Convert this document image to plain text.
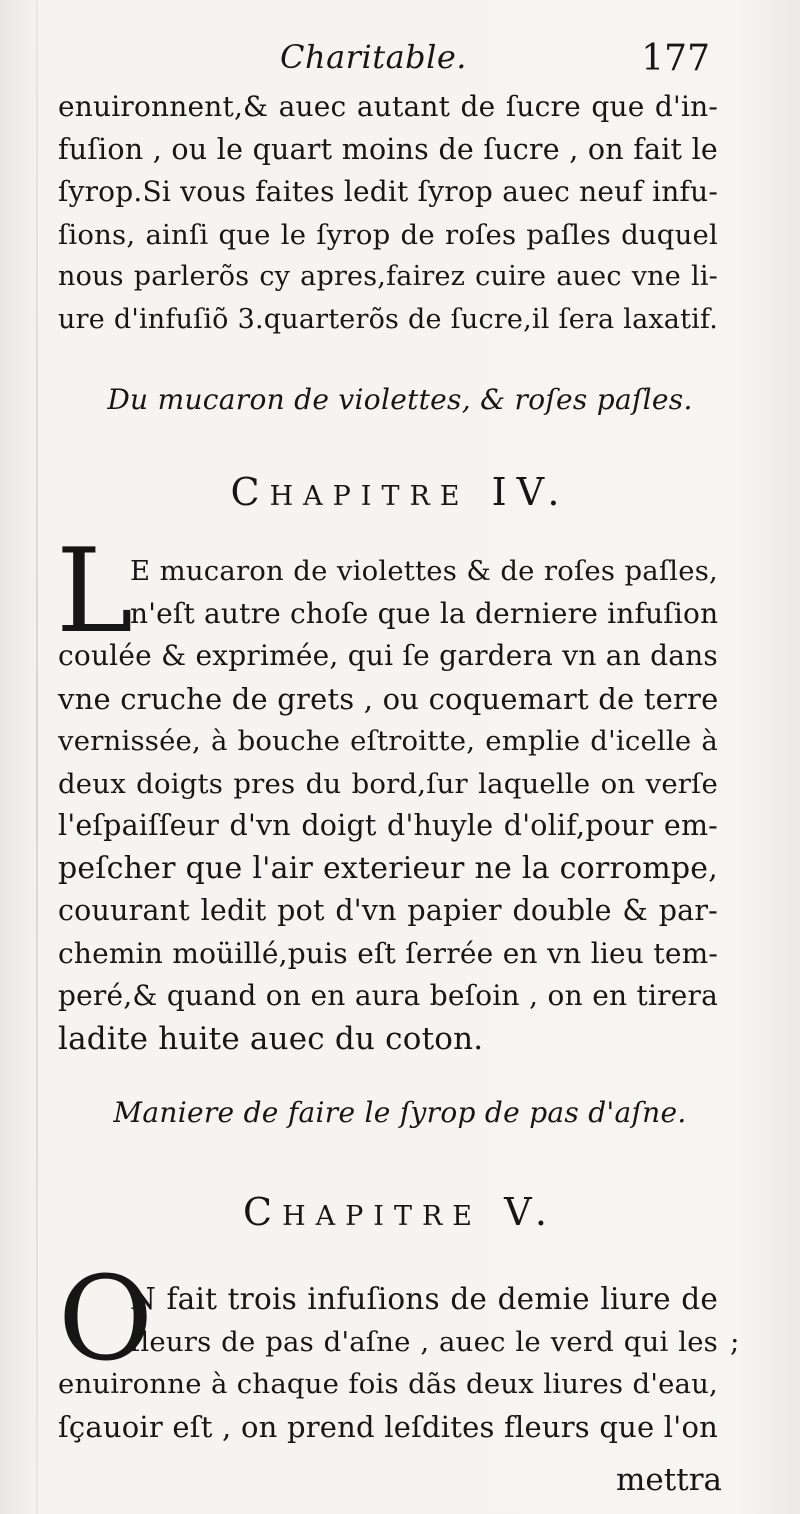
Charitable.	177
enuironnent,& auec autant de ſucre que d'in-
fuſion , ou le quart moins de ſucre , on fait le
ſyrop.Si vous faites ledit ſyrop auec neuf infu-
ſions, ainſi que le ſyrop de roſes paſles duquel
nous parlerõs cy apres,fairez cuire auec vne li-
ure d'infuſiõ 3.quarterõs de ſucre,il ſera laxatif.
Du mucaron de violettes, & roſes paſles.
Chapitre IV.
L
E mucaron de violettes & de roſes paſles,
n'eſt autre choſe que la derniere infuſion
coulée & exprimée, qui ſe gardera vn an dans
vne cruche de grets , ou coquemart de terre
vernissée, à bouche eſtroitte, emplie d'icelle à
deux doigts pres du bord,ſur laquelle on verſe
l'eſpaiſſeur d'vn doigt d'huyle d'olif,pour em-
peſcher que l'air exterieur ne la corrompe,
couurant ledit pot d'vn papier double & par-
chemin moüillé,puis eſt ſerrée en vn lieu tem-
peré,& quand on en aura beſoin , on en tirera
ladite huite auec du coton.
Maniere de faire le ſyrop de pas d'aſne.
Chapitre V.
O
N fait trois infuſions de demie liure de
fleurs de pas d'aſne , auec le verd qui les
enuironne à chaque fois dãs deux liures d'eau,
ſçauoir eſt , on prend leſdites fleurs que l'on
;
mettra
